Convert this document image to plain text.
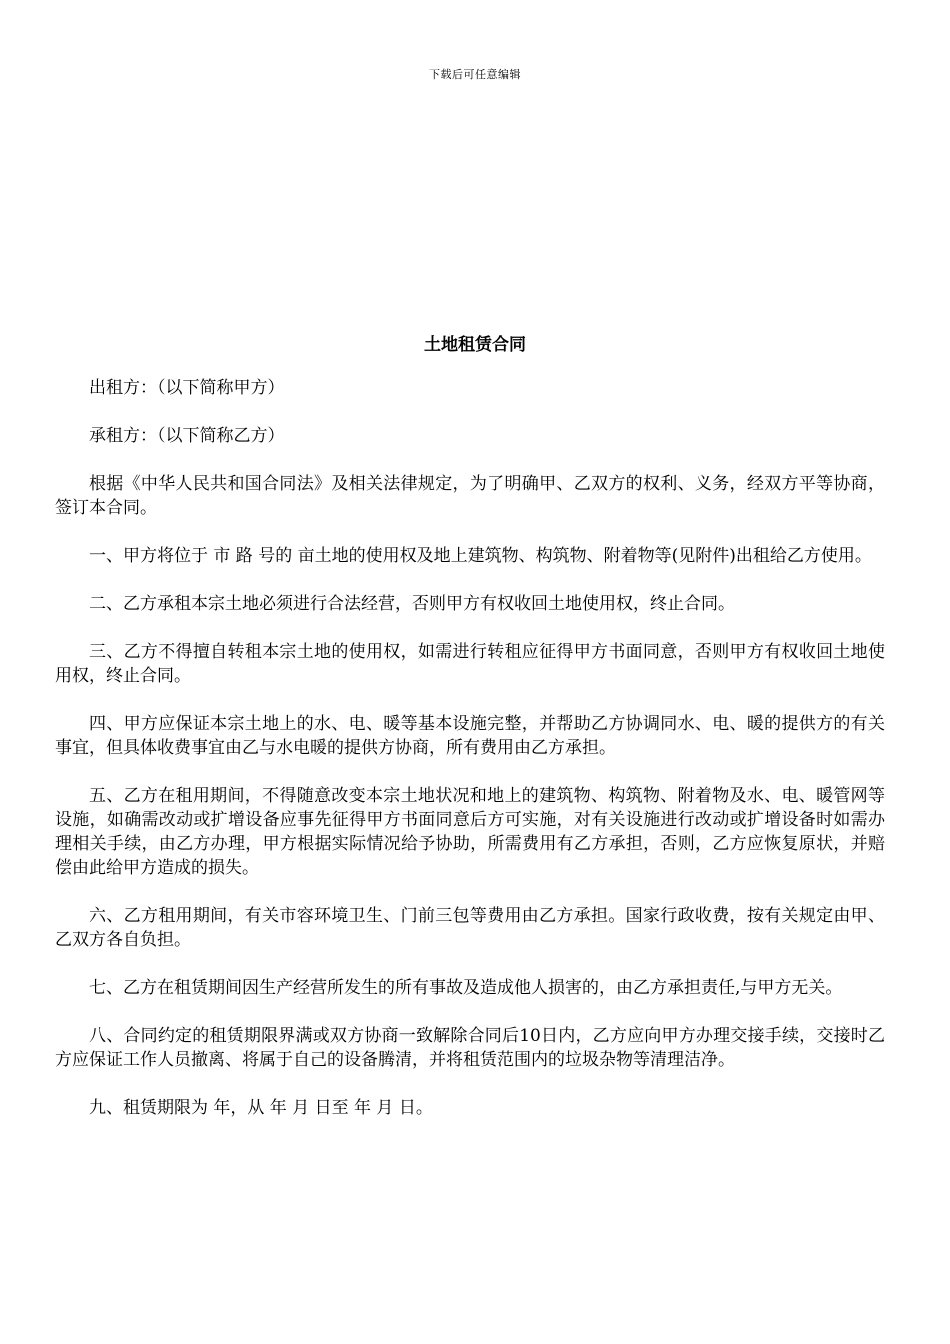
下载后可任意编辑
土地租赁合同

出租方：（以下简称甲方）

承租方：（以下简称乙方）

根据《中华人民共和国合同法》及相关法律规定，为了明确甲、乙双方的权利、义务，经双方平等协商，签订本合同。

一、甲方将位于 市 路 号的 亩土地的使用权及地上建筑物、构筑物、附着物等(见附件)出租给乙方使用。

二、乙方承租本宗土地必须进行合法经营，否则甲方有权收回土地使用权，终止合同。

三、乙方不得擅自转租本宗土地的使用权，如需进行转租应征得甲方书面同意，否则甲方有权收回土地使用权，终止合同。

四、甲方应保证本宗土地上的水、电、暖等基本设施完整，并帮助乙方协调同水、电、暖的提供方的有关事宜，但具体收费事宜由乙与水电暖的提供方协商，所有费用由乙方承担。

五、乙方在租用期间，不得随意改变本宗土地状况和地上的建筑物、构筑物、附着物及水、电、暖管网等设施，如确需改动或扩增设备应事先征得甲方书面同意后方可实施，对有关设施进行改动或扩增设备时如需办理相关手续，由乙方办理，甲方根据实际情况给予协助，所需费用有乙方承担，否则，乙方应恢复原状，并赔偿由此给甲方造成的损失。

六、乙方租用期间，有关市容环境卫生、门前三包等费用由乙方承担。国家行政收费，按有关规定由甲、乙双方各自负担。

七、乙方在租赁期间因生产经营所发生的所有事故及造成他人损害的，由乙方承担责任,与甲方无关。

八、合同约定的租赁期限界满或双方协商一致解除合同后10日内，乙方应向甲方办理交接手续，交接时乙方应保证工作人员撤离、将属于自己的设备腾清，并将租赁范围内的垃圾杂物等清理洁净。

九、租赁期限为 年，从 年 月 日至 年 月 日。
